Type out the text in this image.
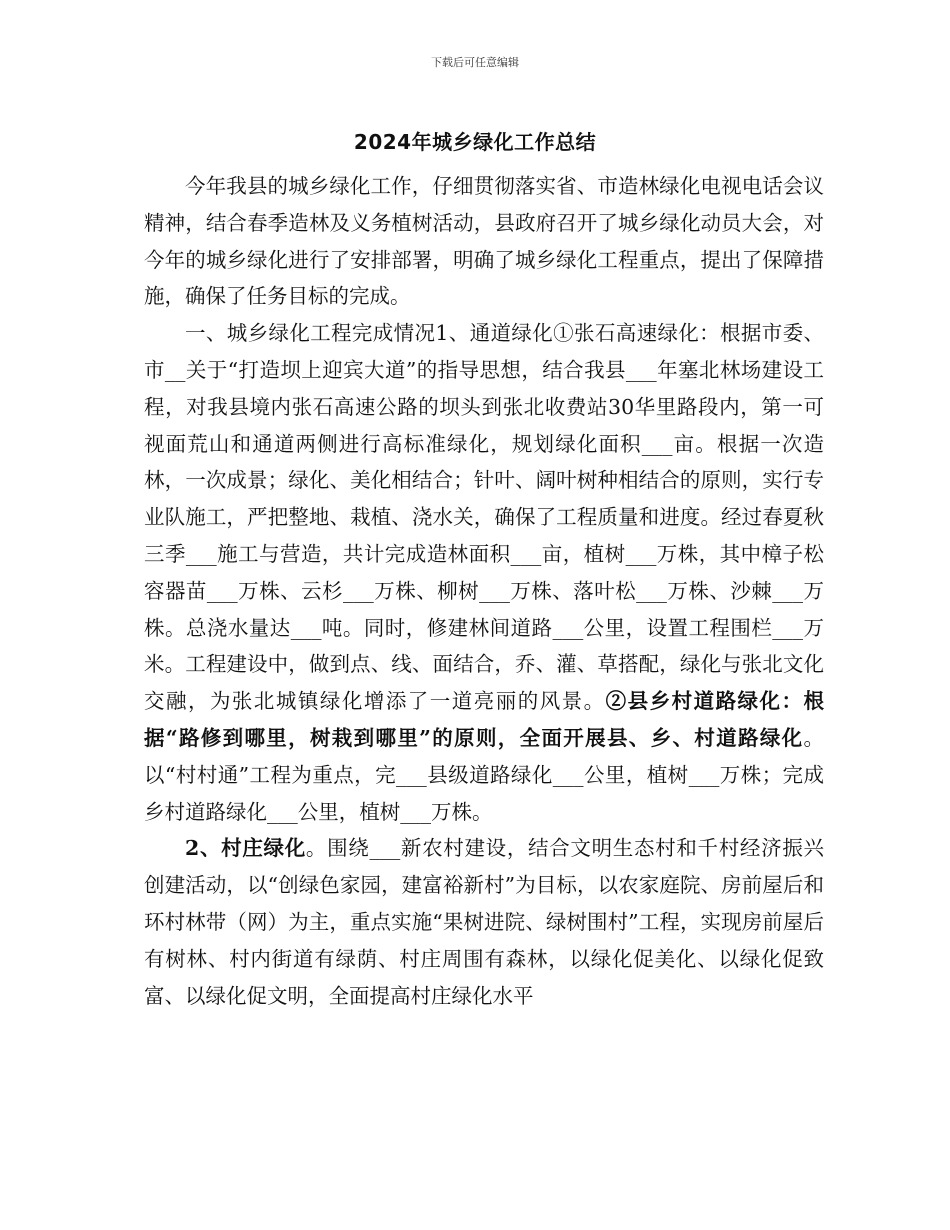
下载后可任意编辑
2024年城乡绿化工作总结

今年我县的城乡绿化工作，仔细贯彻落实省、市造林绿化电视电话会议精神，结合春季造林及义务植树活动，县政府召开了城乡绿化动员大会，对今年的城乡绿化进行了安排部署，明确了城乡绿化工程重点，提出了保障措施，确保了任务目标的完成。

一、城乡绿化工程完成情况1、通道绿化①张石高速绿化：根据市委、市__关于“打造坝上迎宾大道”的指导思想，结合我县___年塞北林场建设工程，对我县境内张石高速公路的坝头到张北收费站30华里路段内，第一可视面荒山和通道两侧进行高标准绿化，规划绿化面积___亩。根据一次造林，一次成景；绿化、美化相结合；针叶、阔叶树种相结合的原则，实行专业队施工，严把整地、栽植、浇水关，确保了工程质量和进度。经过春夏秋三季___施工与营造，共计完成造林面积___亩，植树___万株，其中樟子松容器苗___万株、云杉___万株、柳树___万株、落叶松___万株、沙棘___万株。总浇水量达___吨。同时，修建林间道路___公里，设置工程围栏___万米。工程建设中，做到点、线、面结合，乔、灌、草搭配，绿化与张北文化交融，为张北城镇绿化增添了一道亮丽的风景。②县乡村道路绿化：根据“路修到哪里，树栽到哪里”的原则，全面开展县、乡、村道路绿化。以“村村通”工程为重点，完___县级道路绿化___公里，植树___万株；完成乡村道路绿化___公里，植树___万株。

2、村庄绿化。围绕___新农村建设，结合文明生态村和千村经济振兴创建活动，以“创绿色家园，建富裕新村”为目标，以农家庭院、房前屋后和环村林带（网）为主，重点实施“果树进院、绿树围村”工程，实现房前屋后有树林、村内街道有绿荫、村庄周围有森林，以绿化促美化、以绿化促致富、以绿化促文明，全面提高村庄绿化水平
